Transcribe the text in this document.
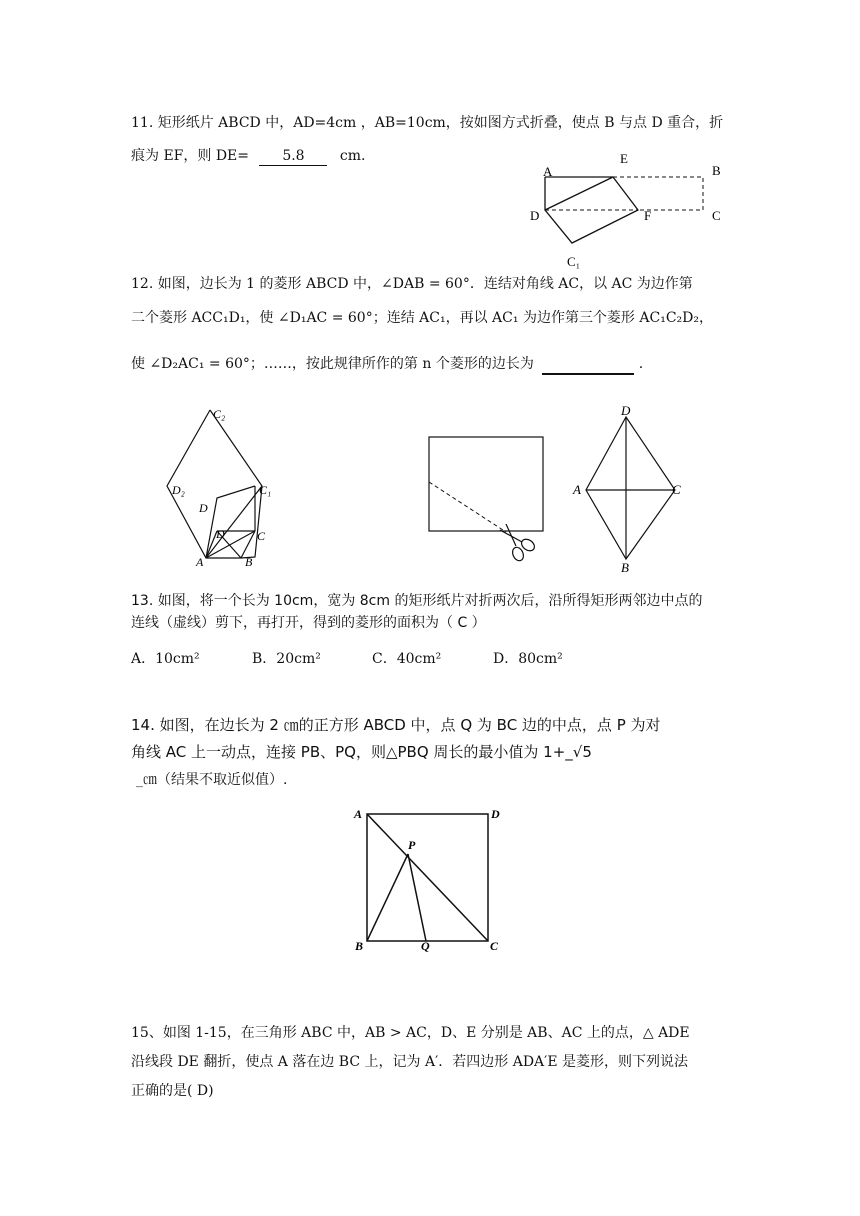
11. 矩形纸片 ABCD 中，AD=4cm ，AB=10cm，按如图方式折叠，使点 B 与点 D 重合，折
痕为 EF，则 DE= 5.8	cm.
A
E
B
D	F	C
C₁
12. 如图，边长为 1 的菱形 ABCD 中，∠DAB = 60°．连结对角线 AC，以 AC 为边作第
二个菱形 ACC₁D₁，使 ∠D₁AC = 60°；连结 AC₁，再以 AC₁ 为边作第三个菱形 AC₁C₂D₂，
使 ∠D₂AC₁ = 60°；……，按此规律所作的第 n 个菱形的边长为	.
C₂
D₂	C₁
D
D	C
A	B
D
A	C
B
13. 如图，将一个长为 10cm，宽为 8cm 的矩形纸片对折两次后，沿所得矩形两邻边中点的
连线（虚线）剪下，再打开，得到的菱形的面积为（ C ）
A．10cm²	B．20cm²	C．40cm²	D．80cm²
14. 如图，在边长为 2 ㎝的正方形 ABCD 中，点 Q 为 BC 边的中点，点 P 为对
角线 AC 上一动点，连接 PB、PQ，则△PBQ 周长的最小值为 1+_√5
_㎝（结果不取近似值）.
A	D
P
B	Q	C
15、如图 1-15，在三角形 ABC 中，AB > AC，D、E 分别是 AB、AC 上的点，△ ADE
沿线段 DE 翻折，使点 A 落在边 BC 上，记为 A′．若四边形 ADA′E 是菱形，则下列说法
正确的是( D)
